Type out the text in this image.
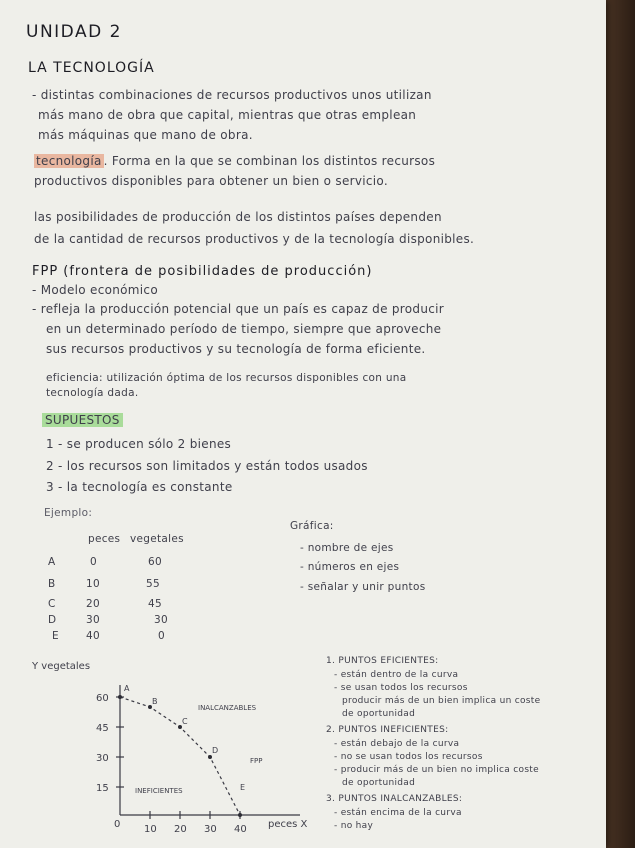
UNIDAD 2
LA TECNOLOGÍA
- distintas combinaciones de recursos productivos unos utilizan
más mano de obra que capital, mientras que otras emplean
más máquinas que mano de obra.
tecnología . Forma en la que se combinan los distintos recursos
productivos disponibles para obtener un bien o servicio.
las posibilidades de producción de los distintos países dependen
de la cantidad de recursos productivos y de la tecnología disponibles.
FPP (frontera de posibilidades de producción)
- Modelo económico
- refleja la producción potencial que un país es capaz de producir
en un determinado período de tiempo, siempre que aproveche
sus recursos productivos y su tecnología de forma eficiente.
eficiencia: utilización óptima de los recursos disponibles con una
tecnología dada.
SUPUESTOS
1 - se producen sólo 2 bienes
2 - los recursos son limitados y están todos usados
3 - la tecnología es constante
Ejemplo:
peces vegetales
A	0	60
B	10	55
C	20	45
D	30	30
E	40	0
Gráfica:
- nombre de ejes
- números en ejes
- señalar y unir puntos
Y vegetales
peces X
60
45
30
15
0 10 20 30 40
A
B
C
D
E
INALCANZABLES
INEFICIENTES
FPP
1. PUNTOS EFICIENTES:
- están dentro de la curva
- se usan todos los recursos
producir más de un bien implica un coste
de oportunidad
2. PUNTOS INEFICIENTES:
- están debajo de la curva
- no se usan todos los recursos
- producir más de un bien no implica coste
de oportunidad
3. PUNTOS INALCANZABLES:
- están encima de la curva
- no hay
